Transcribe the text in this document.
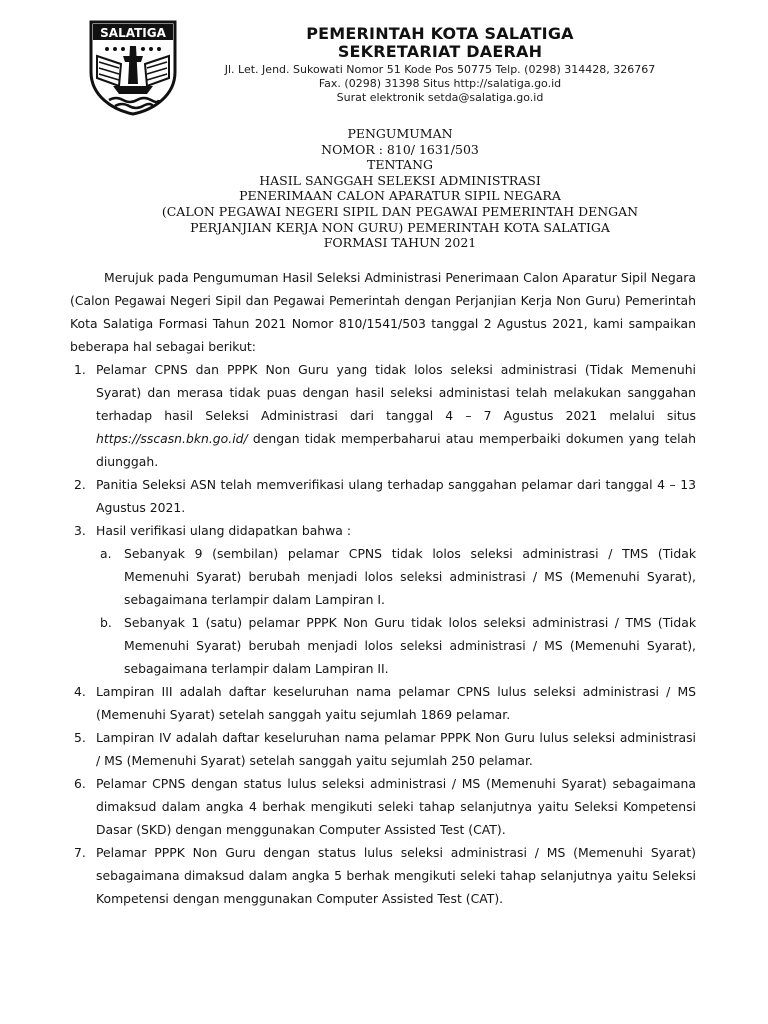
SALATIGA	PEMERINTAH KOTA SALATIGA
SEKRETARIAT DAERAH
Jl. Let. Jend. Sukowati Nomor 51 Kode Pos 50775 Telp. (0298) 314428, 326767
Fax. (0298) 31398 Situs http://salatiga.go.id
Surat elektronik setda@salatiga.go.id
PENGUMUMAN
NOMOR : 810/ 1631/503
TENTANG
HASIL SANGGAH SELEKSI ADMINISTRASI
PENERIMAAN CALON APARATUR SIPIL NEGARA
(CALON PEGAWAI NEGERI SIPIL DAN PEGAWAI PEMERINTAH DENGAN
PERJANJIAN KERJA NON GURU) PEMERINTAH KOTA SALATIGA
FORMASI TAHUN 2021

Merujuk pada Pengumuman Hasil Seleksi Administrasi Penerimaan Calon Aparatur Sipil Negara (Calon Pegawai Negeri Sipil dan Pegawai Pemerintah dengan Perjanjian Kerja Non Guru) Pemerintah Kota Salatiga Formasi Tahun 2021 Nomor 810/1541/503 tanggal 2 Agustus 2021, kami sampaikan beberapa hal sebagai berikut:

1. Pelamar CPNS dan PPPK Non Guru yang tidak lolos seleksi administrasi (Tidak Memenuhi Syarat) dan merasa tidak puas dengan hasil seleksi administasi telah melakukan sanggahan terhadap hasil Seleksi Administrasi dari tanggal 4 – 7 Agustus 2021 melalui situs https://sscasn.bkn.go.id/ dengan tidak memperbaharui atau memperbaiki dokumen yang telah diunggah.
2. Panitia Seleksi ASN telah memverifikasi ulang terhadap sanggahan pelamar dari tanggal 4 – 13 Agustus 2021.
3. Hasil verifikasi ulang didapatkan bahwa :
a. Sebanyak 9 (sembilan) pelamar CPNS tidak lolos seleksi administrasi / TMS (Tidak Memenuhi Syarat) berubah menjadi lolos seleksi administrasi / MS (Memenuhi Syarat), sebagaimana terlampir dalam Lampiran I.
b. Sebanyak 1 (satu) pelamar PPPK Non Guru tidak lolos seleksi administrasi / TMS (Tidak Memenuhi Syarat) berubah menjadi lolos seleksi administrasi / MS (Memenuhi Syarat), sebagaimana terlampir dalam Lampiran II.
4. Lampiran III adalah daftar keseluruhan nama pelamar CPNS lulus seleksi administrasi / MS (Memenuhi Syarat) setelah sanggah yaitu sejumlah 1869 pelamar.
5. Lampiran IV adalah daftar keseluruhan nama pelamar PPPK Non Guru lulus seleksi administrasi / MS (Memenuhi Syarat) setelah sanggah yaitu sejumlah 250 pelamar.
6. Pelamar CPNS dengan status lulus seleksi administrasi / MS (Memenuhi Syarat) sebagaimana dimaksud dalam angka 4 berhak mengikuti seleki tahap selanjutnya yaitu Seleksi Kompetensi Dasar (SKD) dengan menggunakan Computer Assisted Test (CAT).
7. Pelamar PPPK Non Guru dengan status lulus seleksi administrasi / MS (Memenuhi Syarat) sebagaimana dimaksud dalam angka 5 berhak mengikuti seleki tahap selanjutnya yaitu Seleksi Kompetensi dengan menggunakan Computer Assisted Test (CAT).
